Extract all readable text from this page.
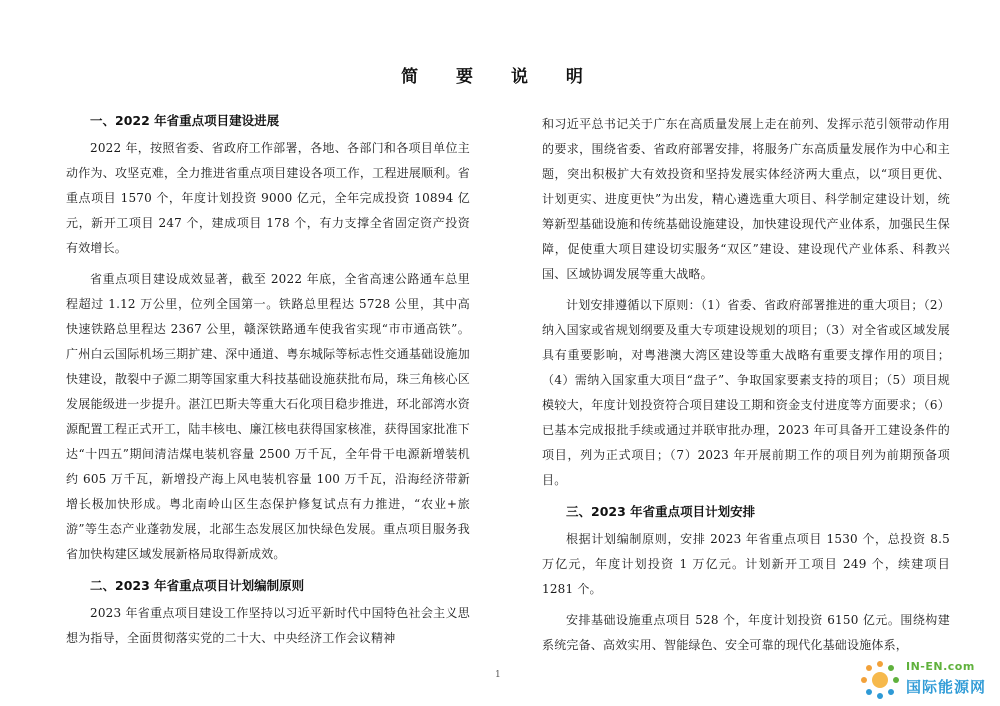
简 要 说 明
一、2022 年省重点项目建设进展

2022 年，按照省委、省政府工作部署，各地、各部门和各项目单位主动作为、攻坚克难，全力推进省重点项目建设各项工作，工程进展顺利。省重点项目 1570 个，年度计划投资 9000 亿元，全年完成投资 10894 亿元，新开工项目 247 个，建成项目 178 个，有力支撑全省固定资产投资有效增长。

省重点项目建设成效显著，截至 2022 年底，全省高速公路通车总里程超过 1.12 万公里，位列全国第一。铁路总里程达 5728 公里，其中高快速铁路总里程达 2367 公里，赣深铁路通车使我省实现“市市通高铁”。广州白云国际机场三期扩建、深中通道、粤东城际等标志性交通基础设施加快建设，散裂中子源二期等国家重大科技基础设施获批布局，珠三角核心区发展能级进一步提升。湛江巴斯夫等重大石化项目稳步推进，环北部湾水资源配置工程正式开工，陆丰核电、廉江核电获得国家核准，获得国家批准下达“十四五”期间清洁煤电装机容量 2500 万千瓦，全年骨干电源新增装机约 605 万千瓦，新增投产海上风电装机容量 100 万千瓦，沿海经济带新增长极加快形成。粤北南岭山区生态保护修复试点有力推进，“农业+旅游”等生态产业蓬勃发展，北部生态发展区加快绿色发展。重点项目服务我省加快构建区域发展新格局取得新成效。

二、2023 年省重点项目计划编制原则

2023 年省重点项目建设工作坚持以习近平新时代中国特色社会主义思想为指导，全面贯彻落实党的二十大、中央经济工作会议精神

和习近平总书记关于广东在高质量发展上走在前列、发挥示范引领带动作用的要求，围绕省委、省政府部署安排，将服务广东高质量发展作为中心和主题，突出积极扩大有效投资和坚持发展实体经济两大重点，以“项目更优、计划更实、进度更快”为出发，精心遴选重大项目、科学制定建设计划，统筹新型基础设施和传统基础设施建设，加快建设现代产业体系，加强民生保障，促使重大项目建设切实服务“双区”建设、建设现代产业体系、科教兴国、区域协调发展等重大战略。

计划安排遵循以下原则：（1）省委、省政府部署推进的重大项目；（2）纳入国家或省规划纲要及重大专项建设规划的项目；（3）对全省或区域发展具有重要影响，对粤港澳大湾区建设等重大战略有重要支撑作用的项目；（4）需纳入国家重大项目“盘子”、争取国家要素支持的项目；（5）项目规模较大，年度计划投资符合项目建设工期和资金支付进度等方面要求；（6）已基本完成报批手续或通过并联审批办理，2023 年可具备开工建设条件的项目，列为正式项目；（7）2023 年开展前期工作的项目列为前期预备项目。

三、2023 年省重点项目计划安排

根据计划编制原则，安排 2023 年省重点项目 1530 个，总投资 8.5 万亿元，年度计划投资 1 万亿元。计划新开工项目 249 个，续建项目 1281 个。

安排基础设施重点项目 528 个，年度计划投资 6150 亿元。围绕构建系统完备、高效实用、智能绿色、安全可靠的现代化基础设施体系，

1
IN-EN.com
国际能源网
